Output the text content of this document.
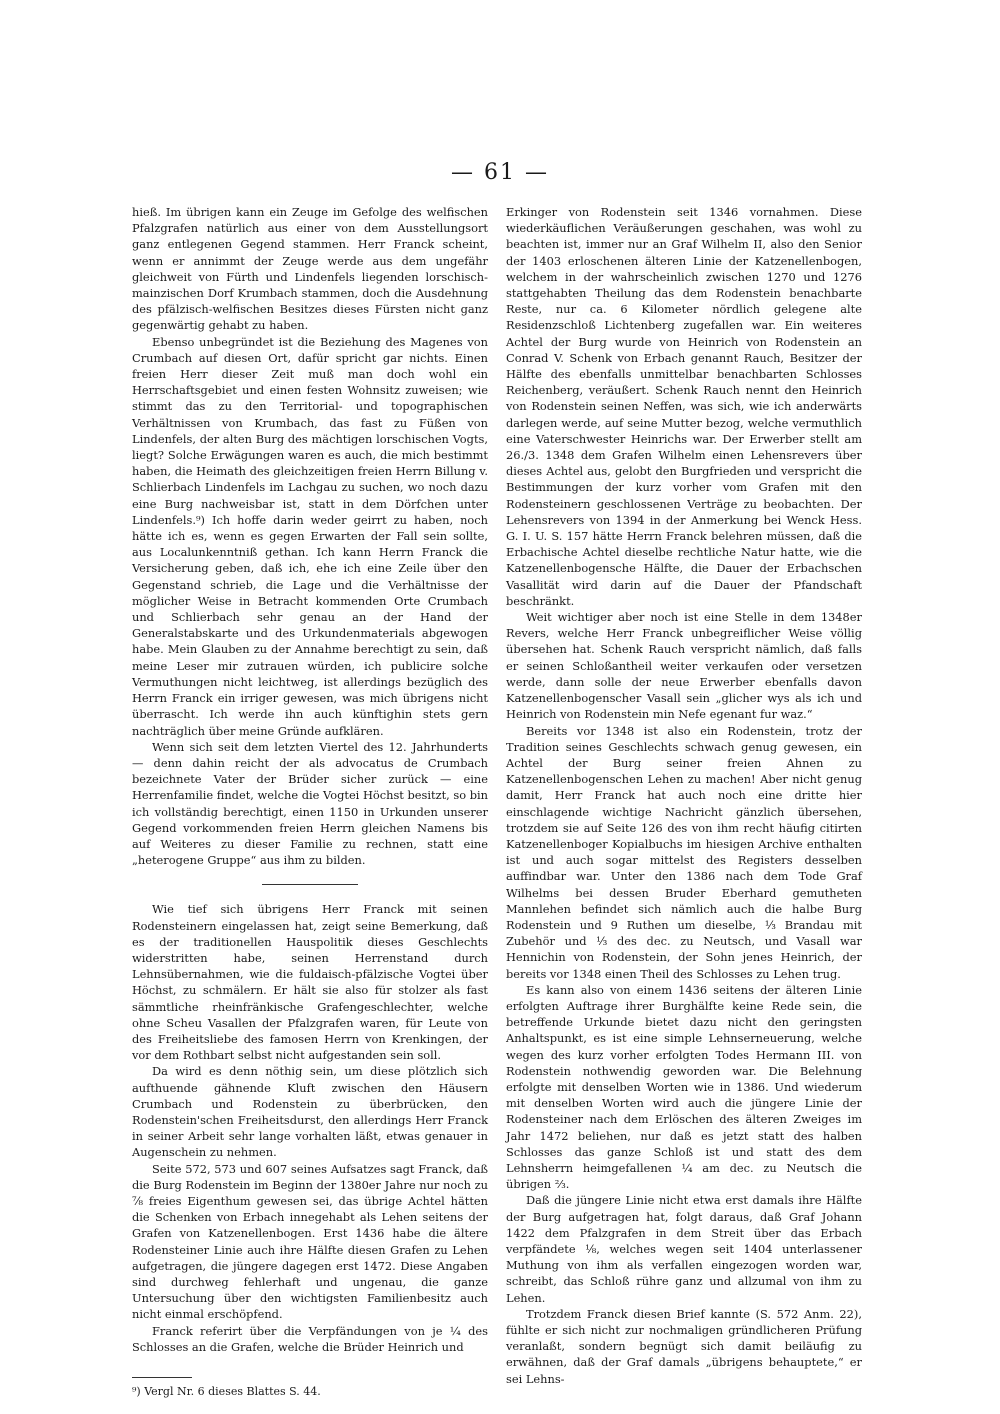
— 61 —

hieß. Im übrigen kann ein Zeuge im Gefolge des welfischen Pfalzgrafen natürlich aus einer von dem Ausstellungsort ganz entlegenen Gegend stammen. Herr Franck scheint, wenn er annimmt der Zeuge werde aus dem ungefähr gleichweit von Fürth und Lindenfels liegenden lorschisch-mainzischen Dorf Krumbach stammen, doch die Ausdehnung des pfälzisch-welfischen Besitzes dieses Fürsten nicht ganz gegenwärtig gehabt zu haben.

Ebenso unbegründet ist die Beziehung des Magenes von Crumbach auf diesen Ort, dafür spricht gar nichts. Einen freien Herr dieser Zeit muß man doch wohl ein Herrschaftsgebiet und einen festen Wohnsitz zuweisen; wie stimmt das zu den Territorial- und topographischen Verhältnissen von Krumbach, das fast zu Füßen von Lindenfels, der alten Burg des mächtigen lorschischen Vogts, liegt? Solche Erwägungen waren es auch, die mich bestimmt haben, die Heimath des gleichzeitigen freien Herrn Billung v. Schlierbach Lindenfels im Lachgau zu suchen, wo noch dazu eine Burg nachweisbar ist, statt in dem Dörfchen unter Lindenfels.⁹) Ich hoffe darin weder geirrt zu haben, noch hätte ich es, wenn es gegen Erwarten der Fall sein sollte, aus Localunkenntniß gethan. Ich kann Herrn Franck die Versicherung geben, daß ich, ehe ich eine Zeile über den Gegenstand schrieb, die Lage und die Verhältnisse der möglicher Weise in Betracht kommenden Orte Crumbach und Schlierbach sehr genau an der Hand der Generalstabskarte und des Urkundenmaterials abgewogen habe. Mein Glauben zu der Annahme berechtigt zu sein, daß meine Leser mir zutrauen würden, ich publicire solche Vermuthungen nicht leichtweg, ist allerdings bezüglich des Herrn Franck ein irriger gewesen, was mich übrigens nicht überrascht. Ich werde ihn auch künftighin stets gern nachträglich über meine Gründe aufklären.

Wenn sich seit dem letzten Viertel des 12. Jahrhunderts — denn dahin reicht der als advocatus de Crumbach bezeichnete Vater der Brüder sicher zurück — eine Herrenfamilie findet, welche die Vogtei Höchst besitzt, so bin ich vollständig berechtigt, einen 1150 in Urkunden unserer Gegend vorkommenden freien Herrn gleichen Namens bis auf Weiteres zu dieser Familie zu rechnen, statt eine „heterogene Gruppe“ aus ihm zu bilden.

Wie tief sich übrigens Herr Franck mit seinen Rodensteinern eingelassen hat, zeigt seine Bemerkung, daß es der traditionellen Hauspolitik dieses Geschlechts widerstritten habe, seinen Herrenstand durch Lehnsübernahmen, wie die fuldaisch-pfälzische Vogtei über Höchst, zu schmälern. Er hält sie also für stolzer als fast sämmtliche rheinfränkische Grafengeschlechter, welche ohne Scheu Vasallen der Pfalzgrafen waren, für Leute von des Freiheitsliebe des famosen Herrn von Krenkingen, der vor dem Rothbart selbst nicht aufgestanden sein soll.

Da wird es denn nöthig sein, um diese plötzlich sich aufthuende gähnende Kluft zwischen den Häusern Crumbach und Rodenstein zu überbrücken, den Rodenstein'schen Freiheitsdurst, den allerdings Herr Franck in seiner Arbeit sehr lange vorhalten läßt, etwas genauer in Augenschein zu nehmen.

Seite 572, 573 und 607 seines Aufsatzes sagt Franck, daß die Burg Rodenstein im Beginn der 1380er Jahre nur noch zu ⅞ freies Eigenthum gewesen sei, das übrige Achtel hätten die Schenken von Erbach innegehabt als Lehen seitens der Grafen von Katzenellenbogen. Erst 1436 habe die ältere Rodensteiner Linie auch ihre Hälfte diesen Grafen zu Lehen aufgetragen, die jüngere dagegen erst 1472. Diese Angaben sind durchweg fehlerhaft und ungenau, die ganze Untersuchung über den wichtigsten Familienbesitz auch nicht einmal erschöpfend.

Franck referirt über die Verpfändungen von je ¼ des Schlosses an die Grafen, welche die Brüder Heinrich und

⁹) Vergl Nr. 6 dieses Blattes S. 44.

Erkinger von Rodenstein seit 1346 vornahmen. Diese wiederkäuflichen Veräußerungen geschahen, was wohl zu beachten ist, immer nur an Graf Wilhelm II, also den Senior der 1403 erloschenen älteren Linie der Katzenellenbogen, welchem in der wahrscheinlich zwischen 1270 und 1276 stattgehabten Theilung das dem Rodenstein benachbarte Reste, nur ca. 6 Kilometer nördlich gelegene alte Residenzschloß Lichtenberg zugefallen war. Ein weiteres Achtel der Burg wurde von Heinrich von Rodenstein an Conrad V. Schenk von Erbach genannt Rauch, Besitzer der Hälfte des ebenfalls unmittelbar benachbarten Schlosses Reichenberg, veräußert. Schenk Rauch nennt den Heinrich von Rodenstein seinen Neffen, was sich, wie ich anderwärts darlegen werde, auf seine Mutter bezog, welche vermuthlich eine Vaterschwester Heinrichs war. Der Erwerber stellt am 26./3. 1348 dem Grafen Wilhelm einen Lehensrevers über dieses Achtel aus, gelobt den Burgfrieden und verspricht die Bestimmungen der kurz vorher vom Grafen mit den Rodensteinern geschlossenen Verträge zu beobachten. Der Lehensrevers von 1394 in der Anmerkung bei Wenck Hess. G. I. U. S. 157 hätte Herrn Franck belehren müssen, daß die Erbachische Achtel dieselbe rechtliche Natur hatte, wie die Katzenellenbogensche Hälfte, die Dauer der Erbachschen Vasallität wird darin auf die Dauer der Pfandschaft beschränkt.

Weit wichtiger aber noch ist eine Stelle in dem 1348er Revers, welche Herr Franck unbegreiflicher Weise völlig übersehen hat. Schenk Rauch verspricht nämlich, daß falls er seinen Schloßantheil weiter verkaufen oder versetzen werde, dann solle der neue Erwerber ebenfalls davon Katzenellenbogenscher Vasall sein „glicher wys als ich und Heinrich von Rodenstein min Nefe egenant fur waz.“

Bereits vor 1348 ist also ein Rodenstein, trotz der Tradition seines Geschlechts schwach genug gewesen, ein Achtel der Burg seiner freien Ahnen zu Katzenellenbogenschen Lehen zu machen! Aber nicht genug damit, Herr Franck hat auch noch eine dritte hier einschlagende wichtige Nachricht gänzlich übersehen, trotzdem sie auf Seite 126 des von ihm recht häufig citirten Katzenellenboger Kopialbuchs im hiesigen Archive enthalten ist und auch sogar mittelst des Registers desselben auffindbar war. Unter den 1386 nach dem Tode Graf Wilhelms bei dessen Bruder Eberhard gemutheten Mannlehen befindet sich nämlich auch die halbe Burg Rodenstein und 9 Ruthen um dieselbe, ⅓ Brandau mit Zubehör und ⅓ des dec. zu Neutsch, und Vasall war Hennichin von Rodenstein, der Sohn jenes Heinrich, der bereits vor 1348 einen Theil des Schlosses zu Lehen trug.

Es kann also von einem 1436 seitens der älteren Linie erfolgten Auftrage ihrer Burghälfte keine Rede sein, die betreffende Urkunde bietet dazu nicht den geringsten Anhaltspunkt, es ist eine simple Lehnserneuerung, welche wegen des kurz vorher erfolgten Todes Hermann III. von Rodenstein nothwendig geworden war. Die Belehnung erfolgte mit denselben Worten wie in 1386. Und wiederum mit denselben Worten wird auch die jüngere Linie der Rodensteiner nach dem Erlöschen des älteren Zweiges im Jahr 1472 beliehen, nur daß es jetzt statt des halben Schlosses das ganze Schloß ist und statt des dem Lehnsherrn heimgefallenen ¼ am dec. zu Neutsch die übrigen ⅔.

Daß die jüngere Linie nicht etwa erst damals ihre Hälfte der Burg aufgetragen hat, folgt daraus, daß Graf Johann 1422 dem Pfalzgrafen in dem Streit über das Erbach verpfändete ⅛, welches wegen seit 1404 unterlassener Muthung von ihm als verfallen eingezogen worden war, schreibt, das Schloß rühre ganz und allzumal von ihm zu Lehen.

Trotzdem Franck diesen Brief kannte (S. 572 Anm. 22), fühlte er sich nicht zur nochmaligen gründlicheren Prüfung veranlaßt, sondern begnügt sich damit beiläufig zu erwähnen, daß der Graf damals „übrigens behauptete,“ er sei Lehns-
